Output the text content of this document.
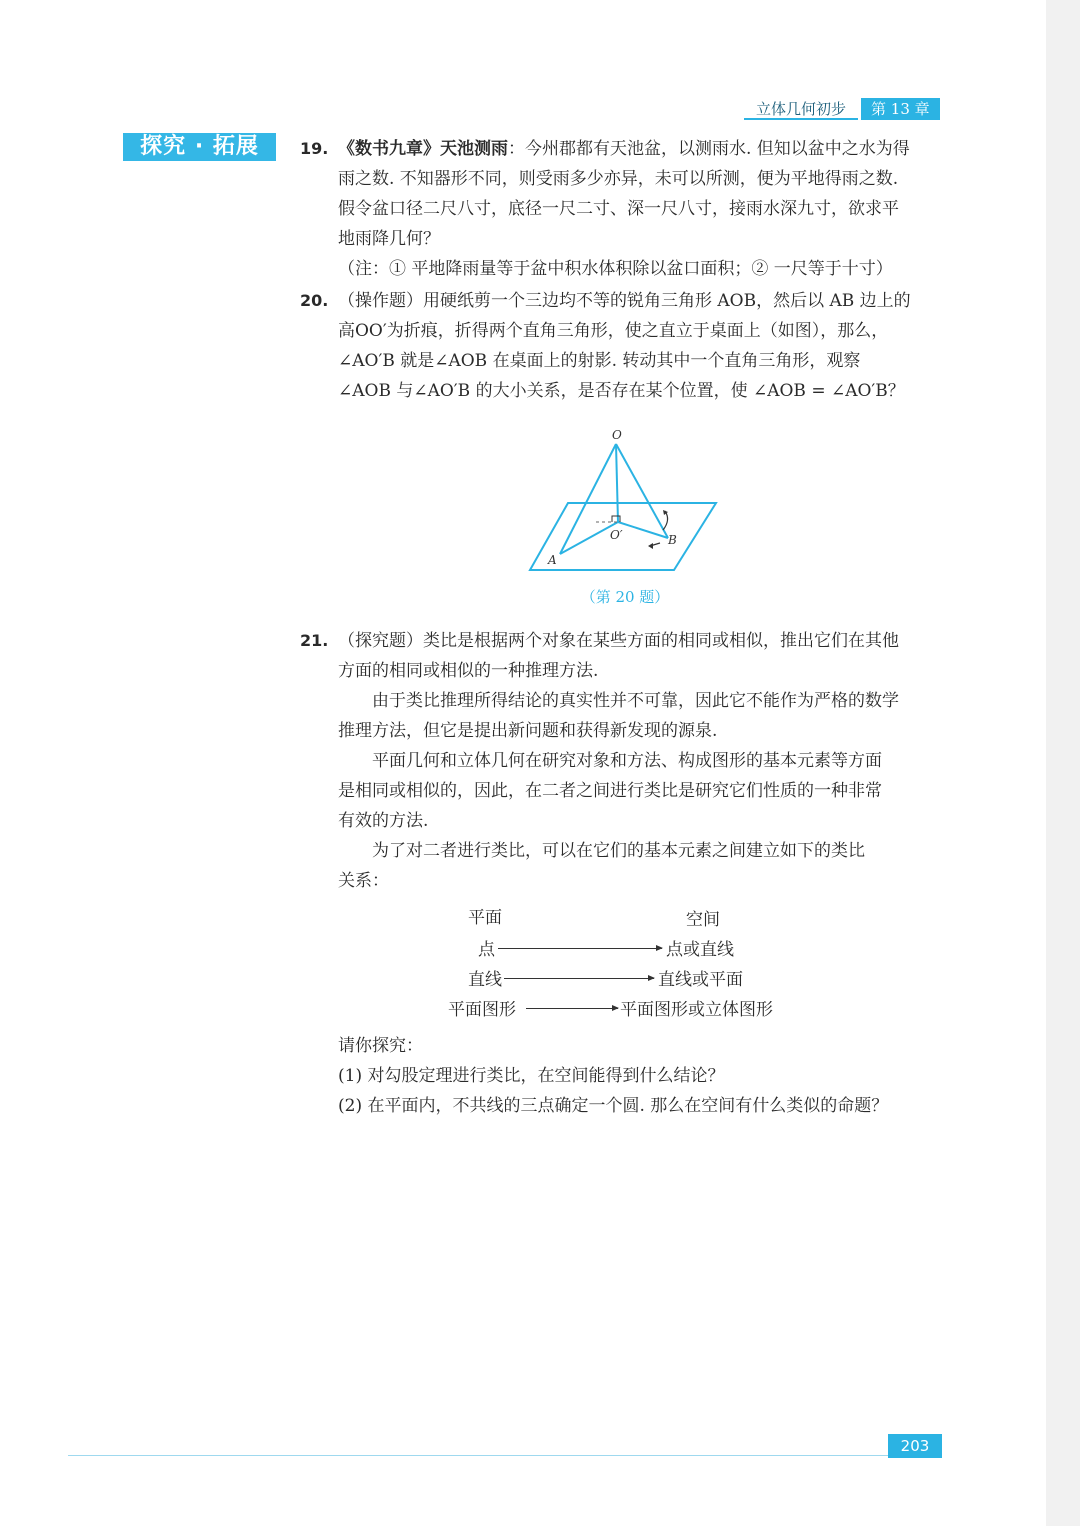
立体几何初步	第 13 章
探究 · 拓展	19. 《数书九章》天池测雨：今州郡都有天池盆，以测雨水. 但知以盆中之水为得

雨之数. 不知器形不同，则受雨多少亦异，未可以所测，便为平地得雨之数.

假令盆口径二尺八寸，底径一尺二寸、深一尺八寸，接雨水深九寸，欲求平

地雨降几何？

（注：① 平地降雨量等于盆中积水体积除以盆口面积；② 一尺等于十寸）

20. （操作题）用硬纸剪一个三边均不等的锐角三角形 AOB，然后以 AB 边上的

高OO′为折痕，折得两个直角三角形，使之直立于桌面上（如图），那么，

∠AO′B 就是∠AOB 在桌面上的射影. 转动其中一个直角三角形，观察

∠AOB 与∠AO′B 的大小关系，是否存在某个位置，使 ∠AOB = ∠AO′B？

O
O′
A
B
（第 20 题）
21. （探究题）类比是根据两个对象在某些方面的相同或相似，推出它们在其他

方面的相同或相似的一种推理方法.

由于类比推理所得结论的真实性并不可靠，因此它不能作为严格的数学

推理方法，但它是提出新问题和获得新发现的源泉.

平面几何和立体几何在研究对象和方法、构成图形的基本元素等方面

是相同或相似的，因此，在二者之间进行类比是研究它们性质的一种非常

有效的方法.

为了对二者进行类比，可以在它们的基本元素之间建立如下的类比

关系：

平面	空间
点	点或直线
直线	直线或平面
平面图形	平面图形或立体图形

请你探究：

(1) 对勾股定理进行类比，在空间能得到什么结论？

(2) 在平面内，不共线的三点确定一个圆. 那么在空间有什么类似的命题？

203
